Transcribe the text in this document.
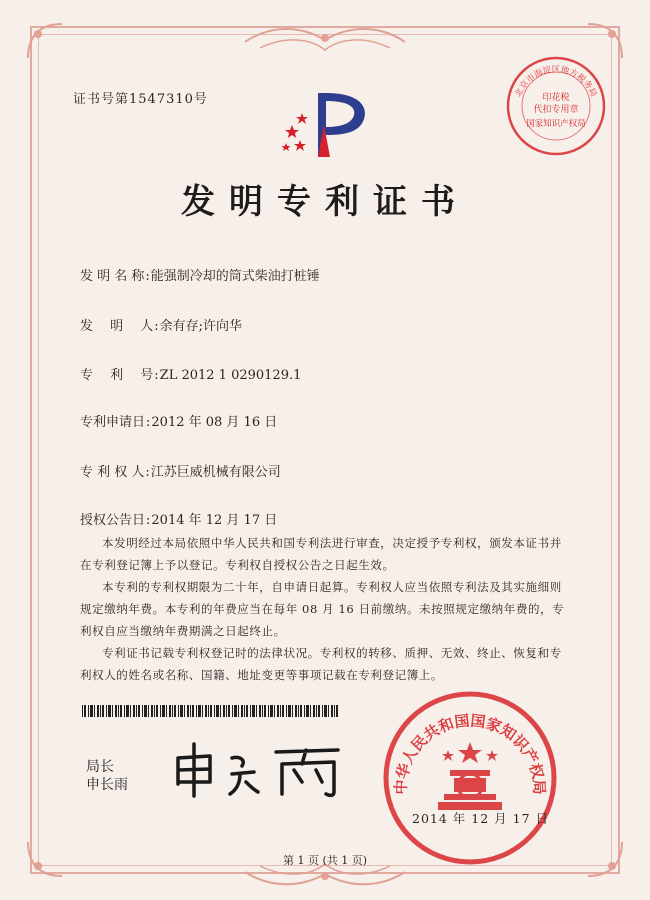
证书号第1547310号
发明专利证书
发 明 名 称:能强制冷却的筒式柴油打桩锤
发　 明　 人:余有存;许向华
专　 利　 号:ZL 2012 1 0290129.1
专利申请日:2012 年 08 月 16 日
专 利 权 人:江苏巨威机械有限公司
授权公告日:2014 年 12 月 17 日

本发明经过本局依照中华人民共和国专利法进行审查，决定授予专利权，颁发本证书并在专利登记簿上予以登记。专利权自授权公告之日起生效。

本专利的专利权期限为二十年，自申请日起算。专利权人应当依照专利法及其实施细则规定缴纳年费。本专利的年费应当在每年 08 月 16 日前缴纳。未按照规定缴纳年费的，专利权自应当缴纳年费期满之日起终止。

专利证书记载专利权登记时的法律状况。专利权的转移、质押、无效、终止、恢复和专利权人的姓名或名称、国籍、地址变更等事项记载在专利登记簿上。

局长
申长雨	中华人民共和国国家知识产权局
2014 年 12 月 17 日
北京市海淀区地方税务局
印花税
代扣专用章
国家知识产权局
第 1 页 (共 1 页)
